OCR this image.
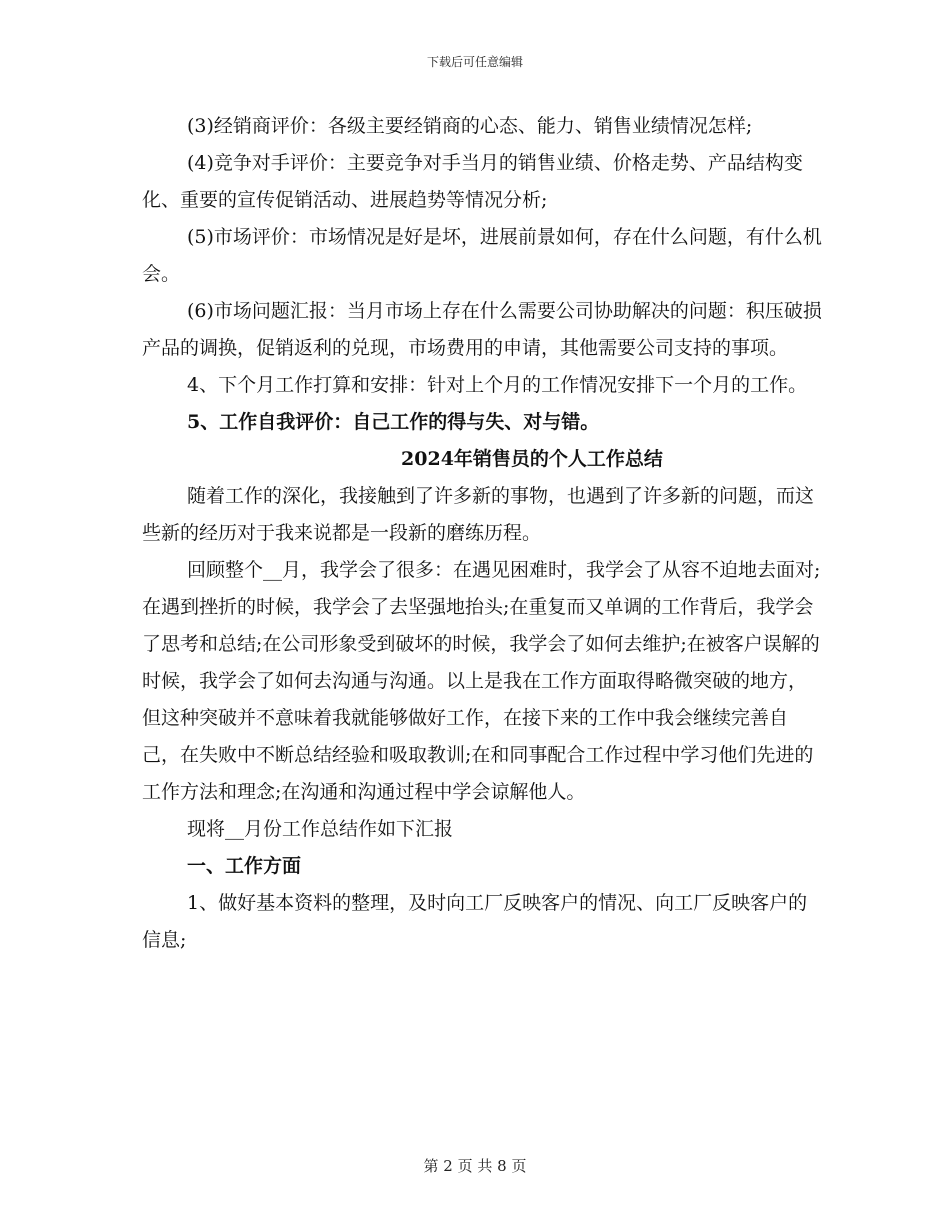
下载后可任意编辑

(3)经销商评价：各级主要经销商的心态、能力、销售业绩情况怎样;

(4)竞争对手评价：主要竞争对手当月的销售业绩、价格走势、产品结构变化、重要的宣传促销活动、进展趋势等情况分析;

(5)市场评价：市场情况是好是坏，进展前景如何，存在什么问题，有什么机会。

(6)市场问题汇报：当月市场上存在什么需要公司协助解决的问题：积压破损产品的调换，促销返利的兑现，市场费用的申请，其他需要公司支持的事项。

4、下个月工作打算和安排：针对上个月的工作情况安排下一个月的工作。

5、工作自我评价：自己工作的得与失、对与错。

2024年销售员的个人工作总结

随着工作的深化，我接触到了许多新的事物，也遇到了许多新的问题，而这些新的经历对于我来说都是一段新的磨练历程。

回顾整个__月，我学会了很多：在遇见困难时，我学会了从容不迫地去面对;在遇到挫折的时候，我学会了去坚强地抬头;在重复而又单调的工作背后，我学会了思考和总结;在公司形象受到破坏的时候，我学会了如何去维护;在被客户误解的时候，我学会了如何去沟通与沟通。以上是我在工作方面取得略微突破的地方，但这种突破并不意味着我就能够做好工作，在接下来的工作中我会继续完善自己，在失败中不断总结经验和吸取教训;在和同事配合工作过程中学习他们先进的工作方法和理念;在沟通和沟通过程中学会谅解他人。

现将__月份工作总结作如下汇报

一、工作方面

1、做好基本资料的整理，及时向工厂反映客户的情况、向工厂反映客户的信息;

第 2 页 共 8 页
